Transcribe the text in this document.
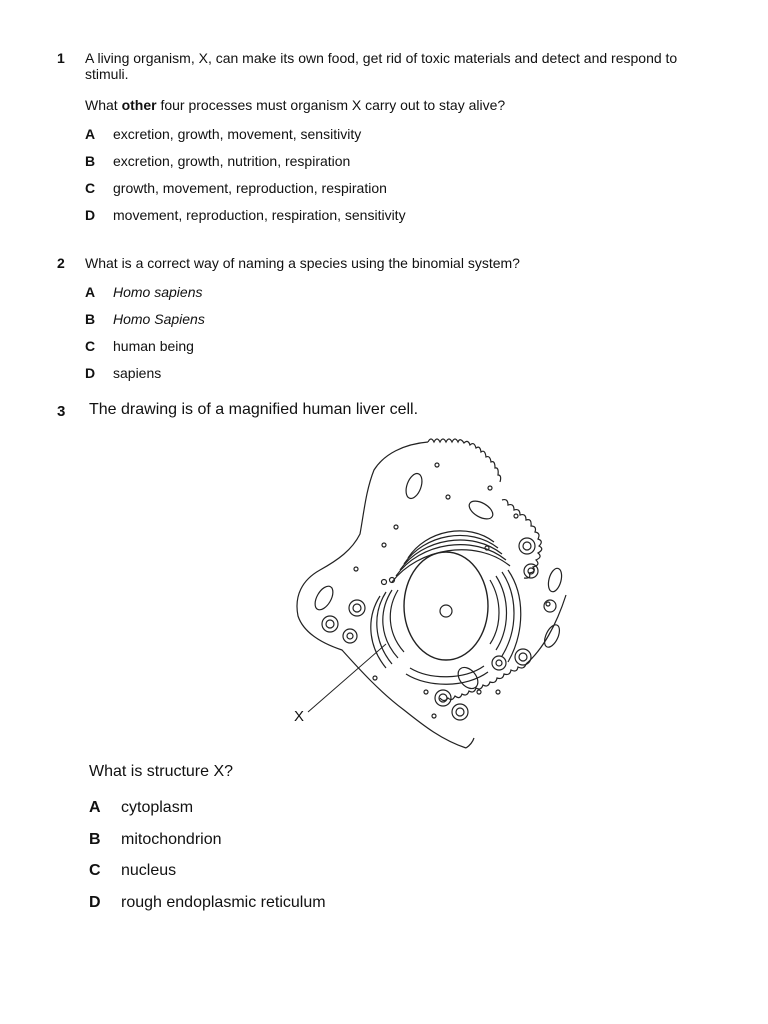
1 A living organism, X, can make its own food, get rid of toxic materials and detect and respond to
stimuli.
What other four processes must organism X carry out to stay alive?
A excretion, growth, movement, sensitivity
B excretion, growth, nutrition, respiration
C growth, movement, reproduction, respiration
D movement, reproduction, respiration, sensitivity
2 What is a correct way of naming a species using the binomial system?
A Homo sapiens
B Homo Sapiens
C human being
D sapiens
3 The drawing is of a magnified human liver cell.
X
What is structure X?
A cytoplasm
B mitochondrion
C nucleus
D rough endoplasmic reticulum
